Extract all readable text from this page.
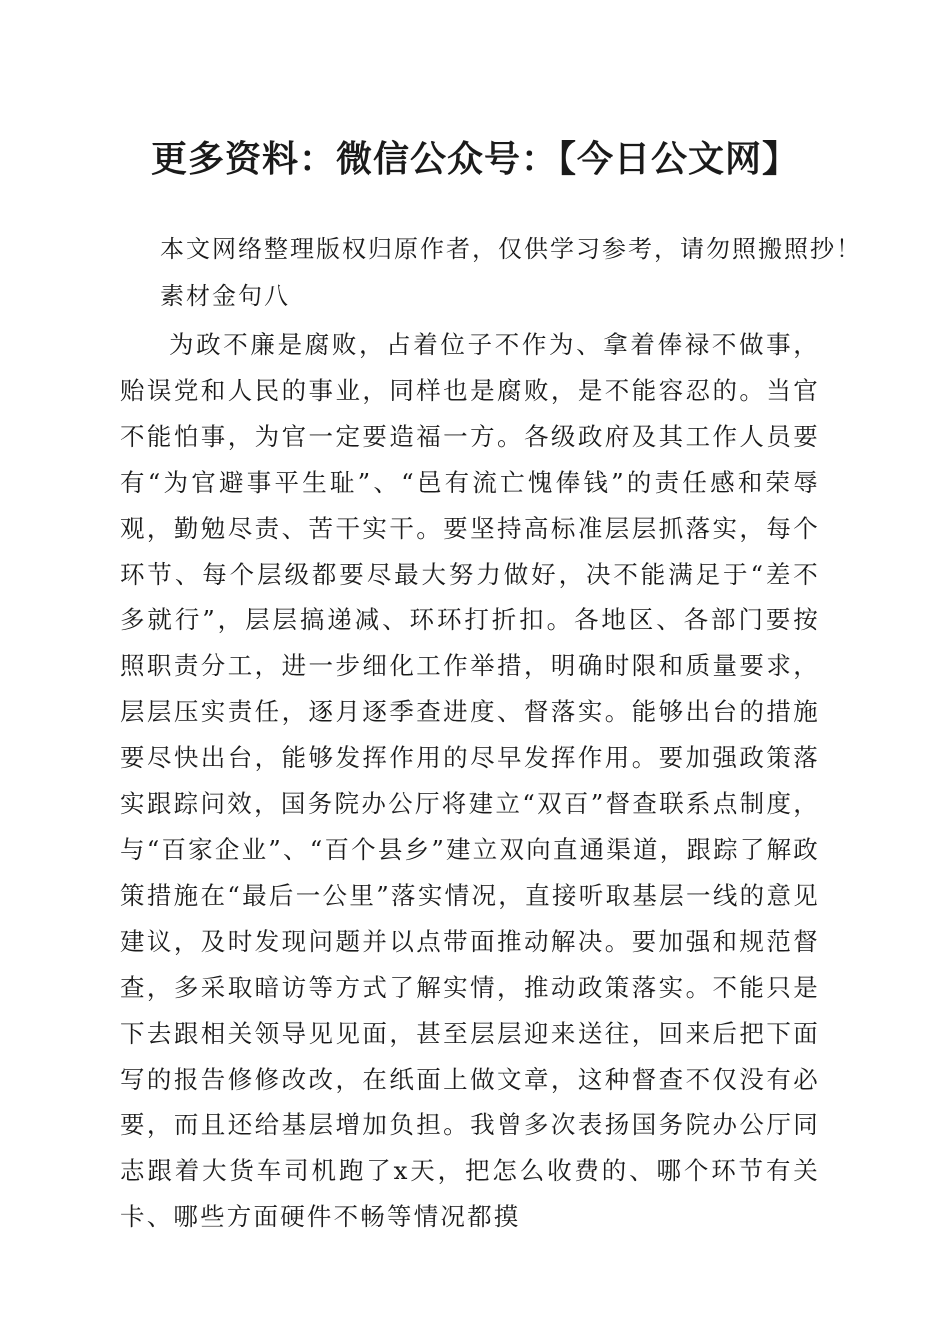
更多资料：微信公众号：【今日公文网】

本文网络整理版权归原作者，仅供学习参考，请勿照搬照抄！

素材金句八

为政不廉是腐败，占着位子不作为、拿着俸禄不做事，贻误党和人民的事业，同样也是腐败，是不能容忍的。当官不能怕事，为官一定要造福一方。各级政府及其工作人员要有“为官避事平生耻”、“邑有流亡愧俸钱”的责任感和荣辱观，勤勉尽责、苦干实干。要坚持高标准层层抓落实，每个环节、每个层级都要尽最大努力做好，决不能满足于“差不多就行”，层层搞递减、环环打折扣。各地区、各部门要按照职责分工，进一步细化工作举措，明确时限和质量要求，层层压实责任，逐月逐季查进度、督落实。能够出台的措施要尽快出台，能够发挥作用的尽早发挥作用。要加强政策落实跟踪问效，国务院办公厅将建立“双百”督查联系点制度，与“百家企业”、“百个县乡”建立双向直通渠道，跟踪了解政策措施在“最后一公里”落实情况，直接听取基层一线的意见建议，及时发现问题并以点带面推动解决。要加强和规范督查，多采取暗访等方式了解实情，推动政策落实。不能只是下去跟相关领导见见面，甚至层层迎来送往，回来后把下面写的报告修修改改，在纸面上做文章，这种督查不仅没有必要，而且还给基层增加负担。我曾多次表扬国务院办公厅同志跟着大货车司机跑了x天，把怎么收费的、哪个环节有关卡、哪些方面硬件不畅等情况都摸
